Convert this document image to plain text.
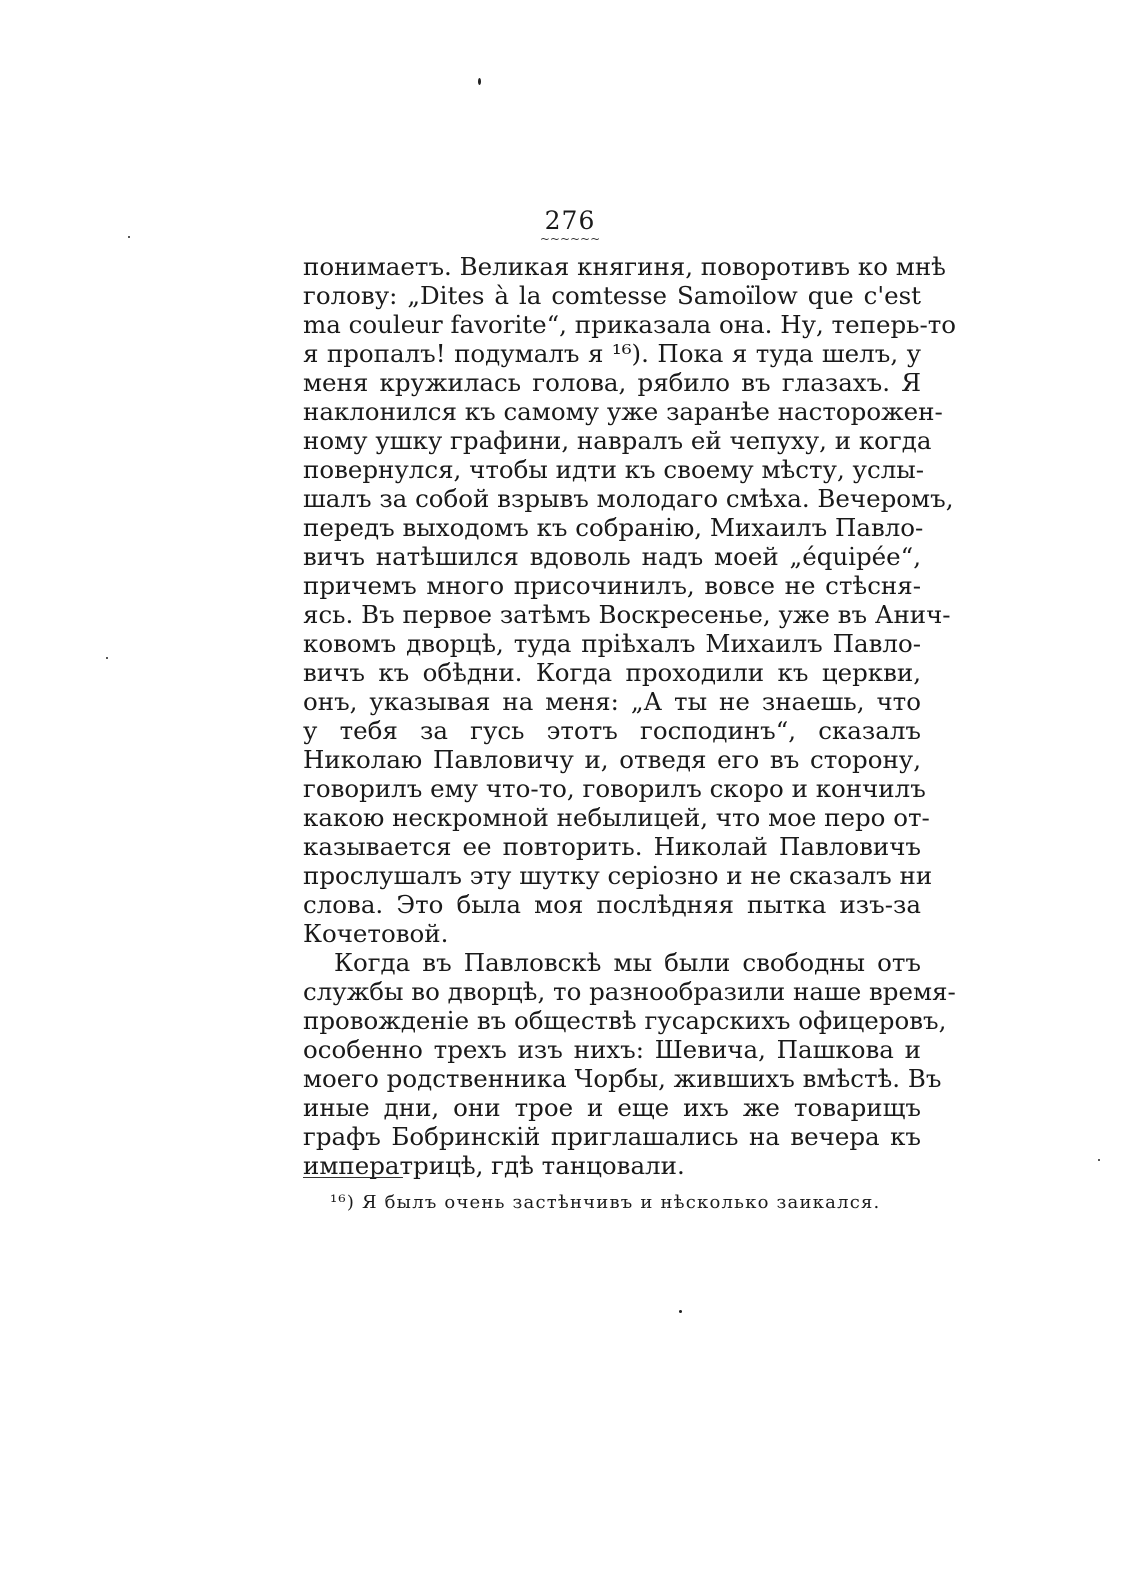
276
~~~~~~
понимаетъ. Великая княгиня, поворотивъ ко мнѣ
голову: „Dites à la comtesse Samoïlow que c'est
ma couleur favorite“, приказала она. Ну, теперь-то
я пропалъ! подумалъ я ¹⁶). Пока я туда шелъ, у
меня кружилась голова, рябило въ глазахъ. Я
наклонился къ самому уже заранѣе насторожен-
ному ушку графини, навралъ ей чепуху, и когда
повернулся, чтобы идти къ своему мѣсту, услы-
шалъ за собой взрывъ молодаго смѣха. Вечеромъ,
передъ выходомъ къ собранію, Михаилъ Павло-
вичъ натѣшился вдоволь надъ моей „équipée“,
причемъ много присочинилъ, вовсе не стѣсня-
ясь. Въ первое затѣмъ Воскресенье, уже въ Анич-
ковомъ дворцѣ, туда пріѣхалъ Михаилъ Павло-
вичъ къ обѣдни. Когда проходили къ церкви,
онъ, указывая на меня: „А ты не знаешь, что
у тебя за гусь этотъ господинъ“, сказалъ
Николаю Павловичу и, отведя его въ сторону,
говорилъ ему что-то, говорилъ скоро и кончилъ
какою нескромной небылицей, что мое перо от-
казывается ее повторить. Николай Павловичъ
прослушалъ эту шутку серіозно и не сказалъ ни
слова. Это была моя послѣдняя пытка изъ-за
Кочетовой.
Когда въ Павловскѣ мы были свободны отъ
службы во дворцѣ, то разнообразили наше время-
провожденіе въ обществѣ гусарскихъ офицеровъ,
особенно трехъ изъ нихъ: Шевича, Пашкова и
моего родственника Чорбы, жившихъ вмѣстѣ. Въ
иные дни, они трое и еще ихъ же товарищъ
графъ Бобринскій приглашались на вечера къ
императрицѣ, гдѣ танцовали.
¹⁶) Я былъ очень застѣнчивъ и нѣсколько заикался.
